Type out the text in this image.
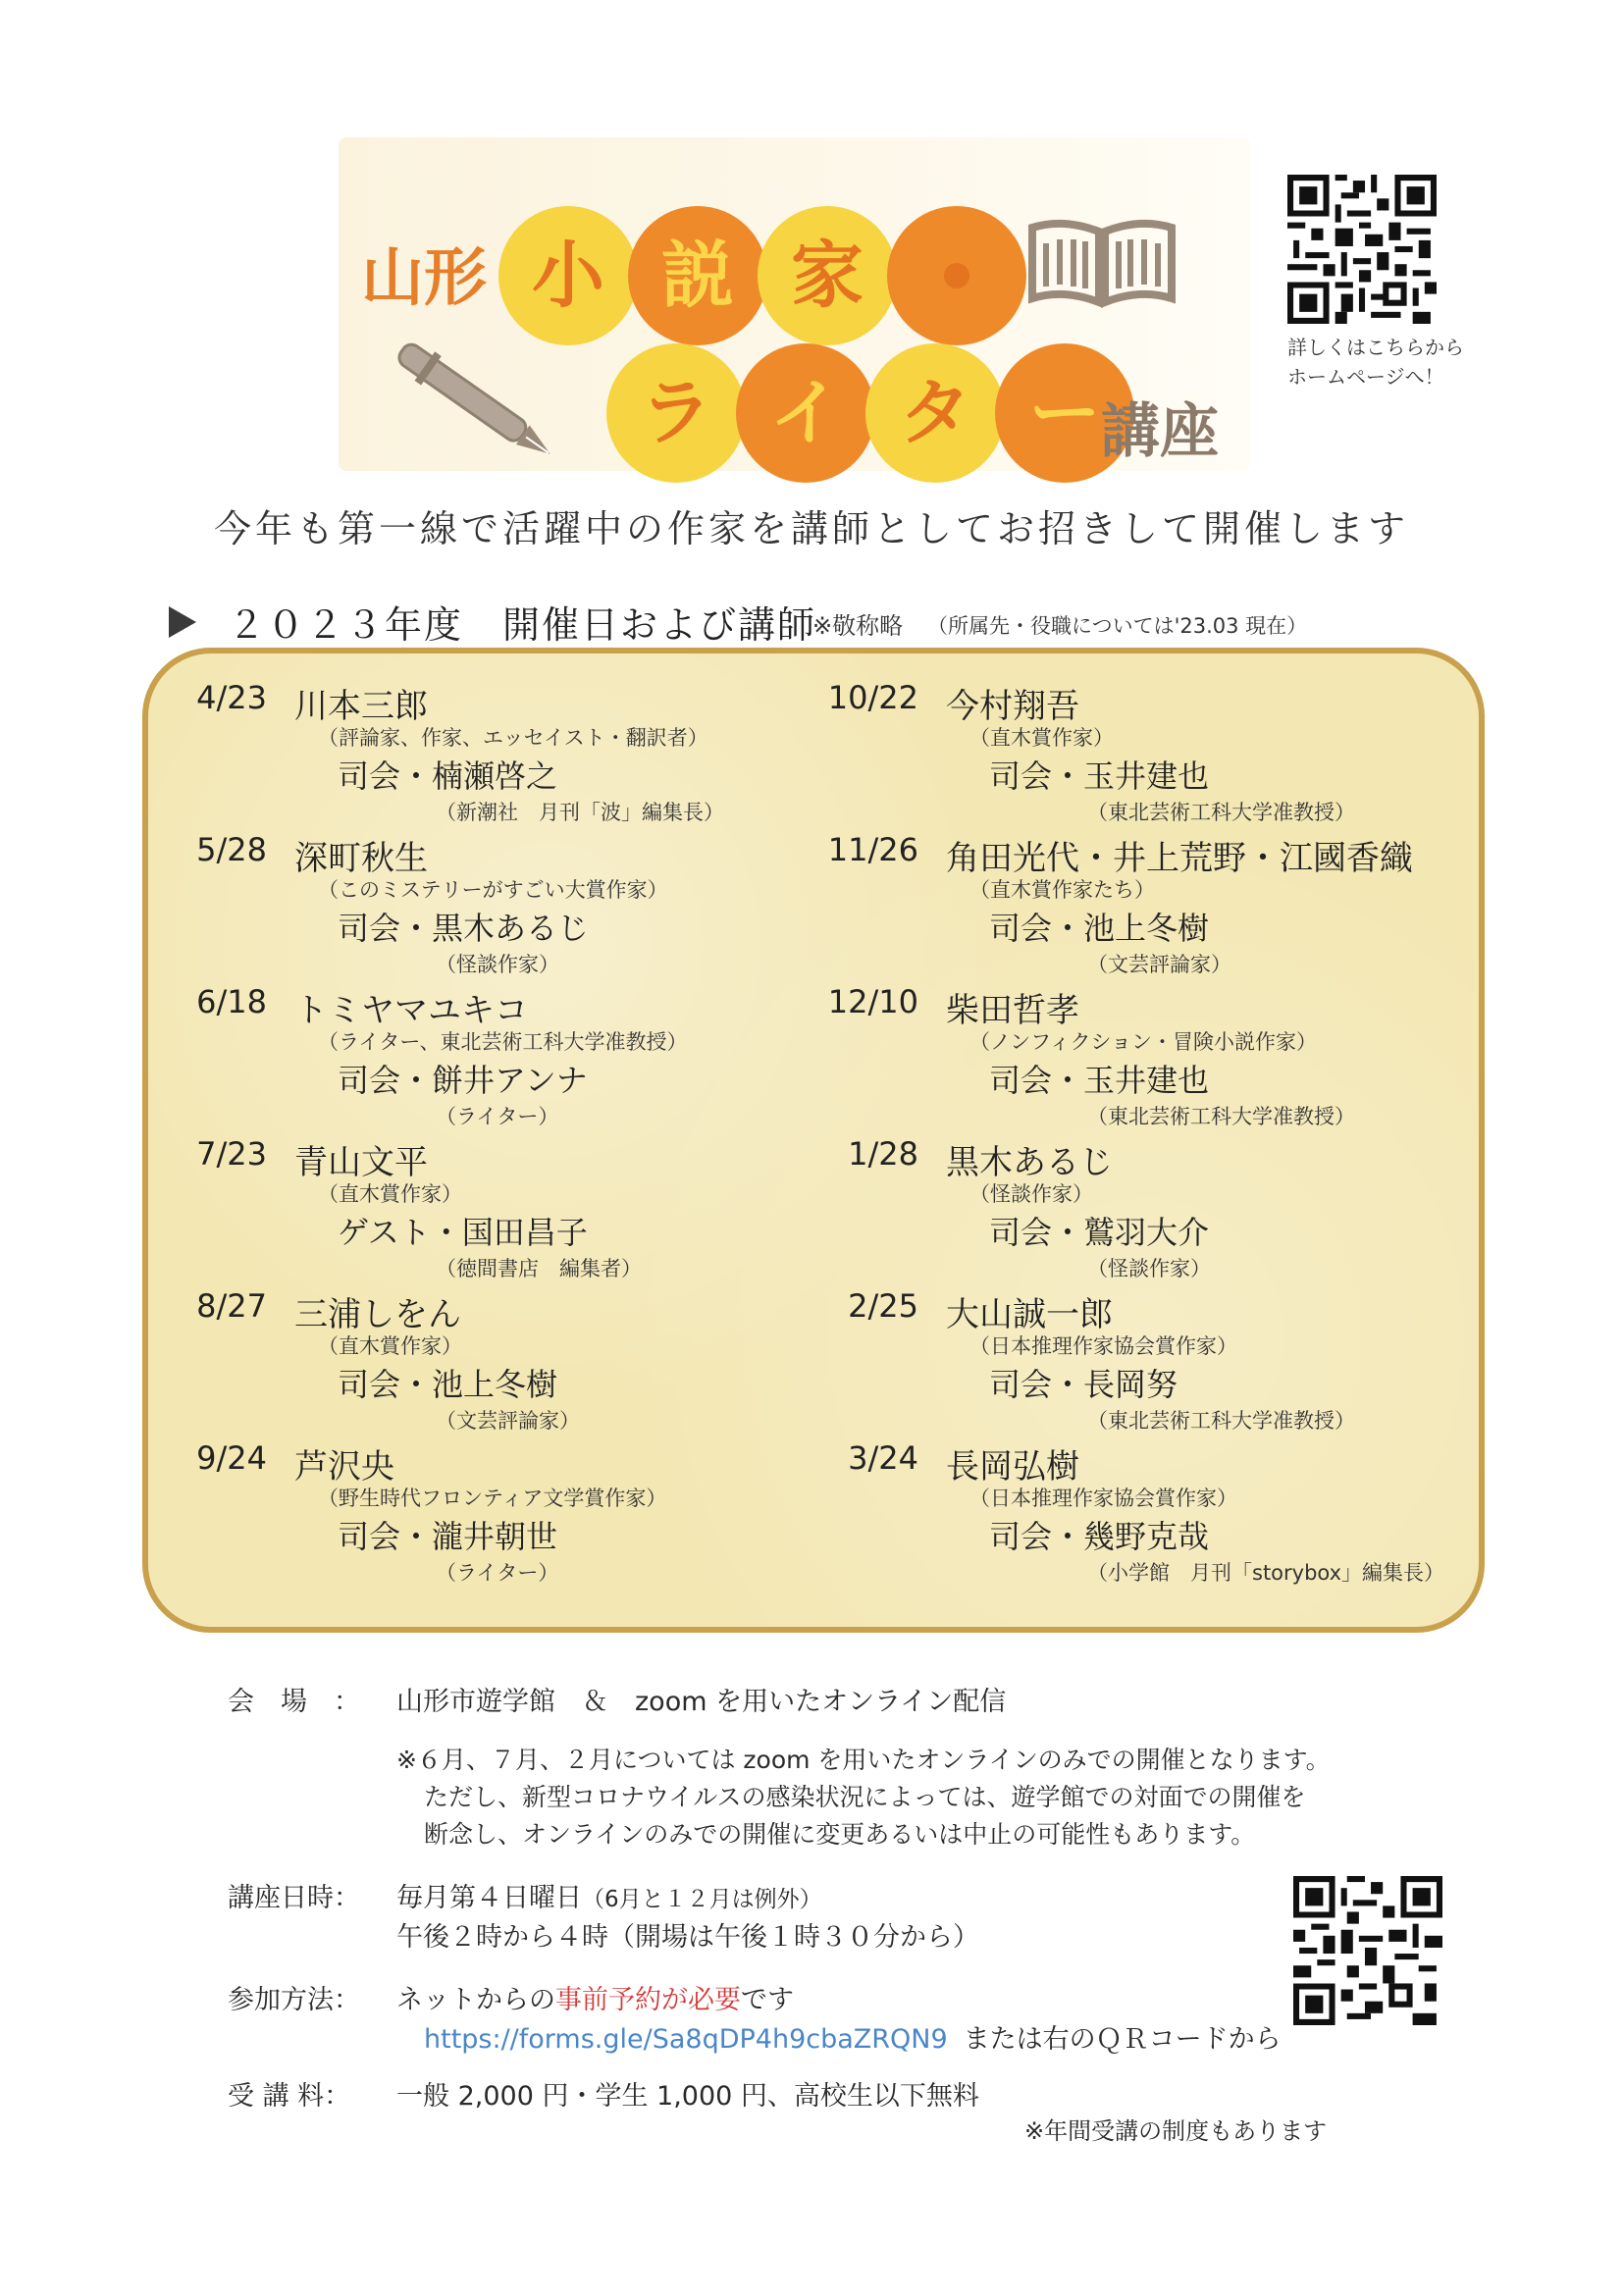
山形 小 説 家
ラ イ タ ー 講座
詳しくはこちらから
ホームページへ！
今年も第一線で活躍中の作家を講師としてお招きして開催します
２０２３年度　開催日および講師
※敬称略 （所属先・役職については'23.03 現在）
4/23 川本三郎
（評論家、作家、エッセイスト・翻訳者）
司会・楠瀬啓之
（新潮社　月刊「波」編集長）
5/28 深町秋生
（このミステリーがすごい大賞作家）
司会・黒木あるじ
（怪談作家）
6/18 トミヤマユキコ
（ライター、東北芸術工科大学准教授）
司会・餅井アンナ
（ライター）
7/23 青山文平
（直木賞作家）
ゲスト・国田昌子
（徳間書店　編集者）
8/27 三浦しをん
（直木賞作家）
司会・池上冬樹
（文芸評論家）
9/24 芦沢央
（野生時代フロンティア文学賞作家）
司会・瀧井朝世
（ライター）
10/22 今村翔吾
（直木賞作家）
司会・玉井建也
（東北芸術工科大学准教授）
11/26 角田光代・井上荒野・江國香織
（直木賞作家たち）
司会・池上冬樹
（文芸評論家）
12/10 柴田哲孝
（ノンフィクション・冒険小説作家）
司会・玉井建也
（東北芸術工科大学准教授）
1/28 黒木あるじ
（怪談作家）
司会・鷲羽大介
（怪談作家）
2/25 大山誠一郎
（日本推理作家協会賞作家）
司会・長岡努
（東北芸術工科大学准教授）
3/24 長岡弘樹
（日本推理作家協会賞作家）
司会・幾野克哉
（小学館　月刊「storybox」編集長）
会　場　： 山形市遊学館　＆　zoom を用いたオンライン配信
※６月、７月、２月については zoom を用いたオンラインのみでの開催となります。
ただし、新型コロナウイルスの感染状況によっては、遊学館での対面での開催を
断念し、オンラインのみでの開催に変更あるいは中止の可能性もあります。
講座日時： 毎月第４日曜日（6月と１２月は例外）
午後２時から４時（開場は午後１時３０分から）
参加方法： ネットからの事前予約が必要です
https://forms.gle/Sa8qDP4h9cbaZRQN9 または右のＱＲコードから
受 講 料： 一般 2,000 円・学生 1,000 円、高校生以下無料
※年間受講の制度もあります
